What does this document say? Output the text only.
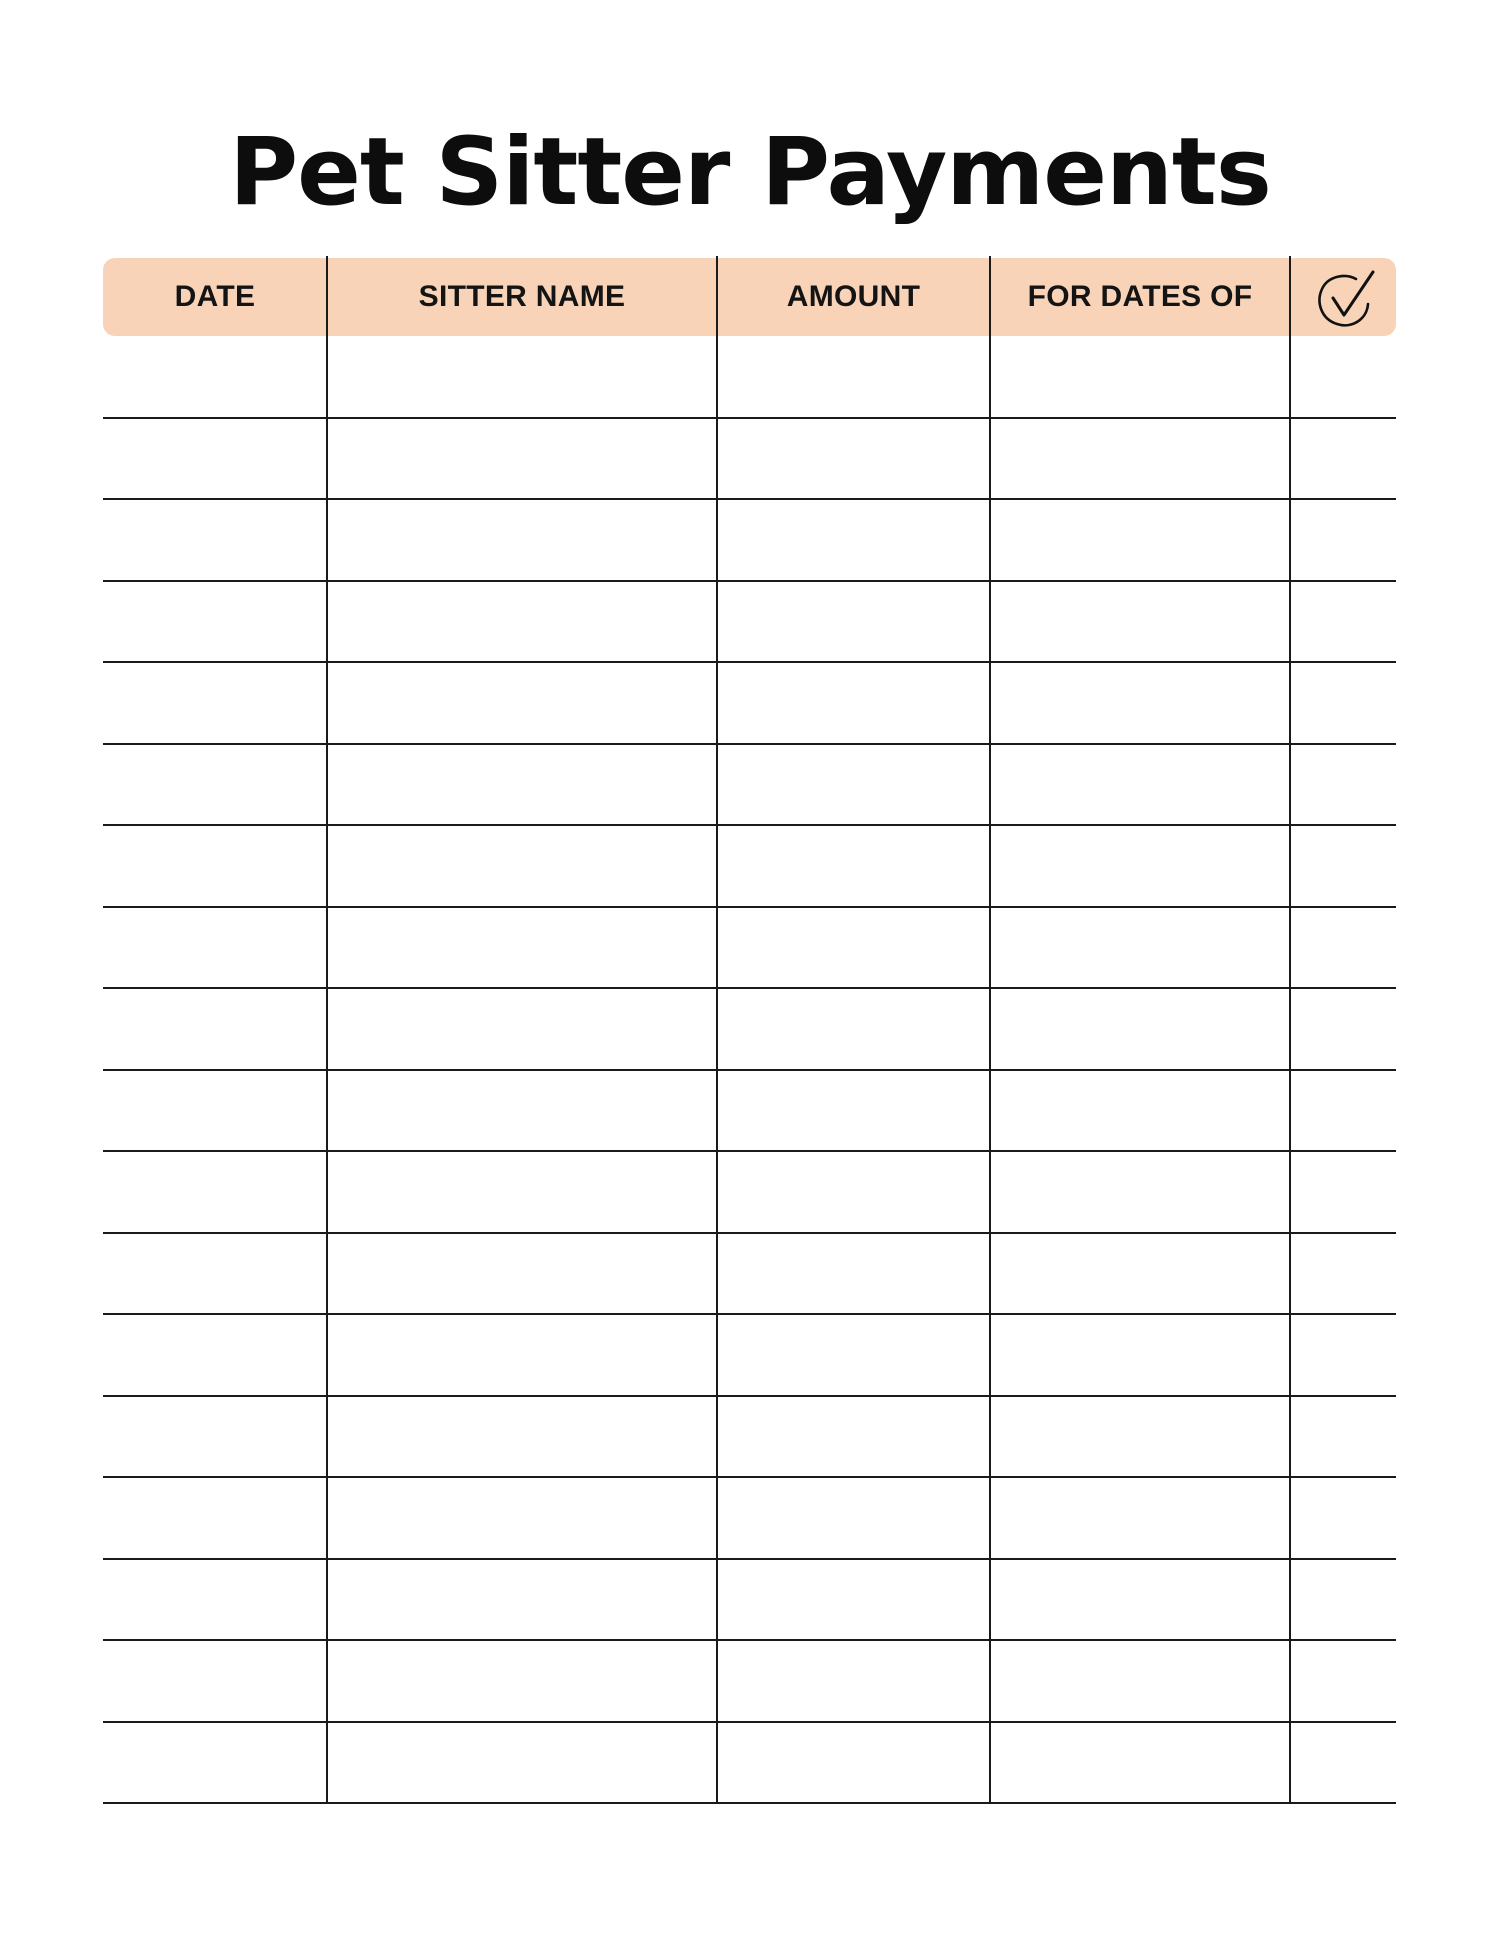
Pet Sitter Payments
DATE	SITTER NAME	AMOUNT	FOR DATES OF
